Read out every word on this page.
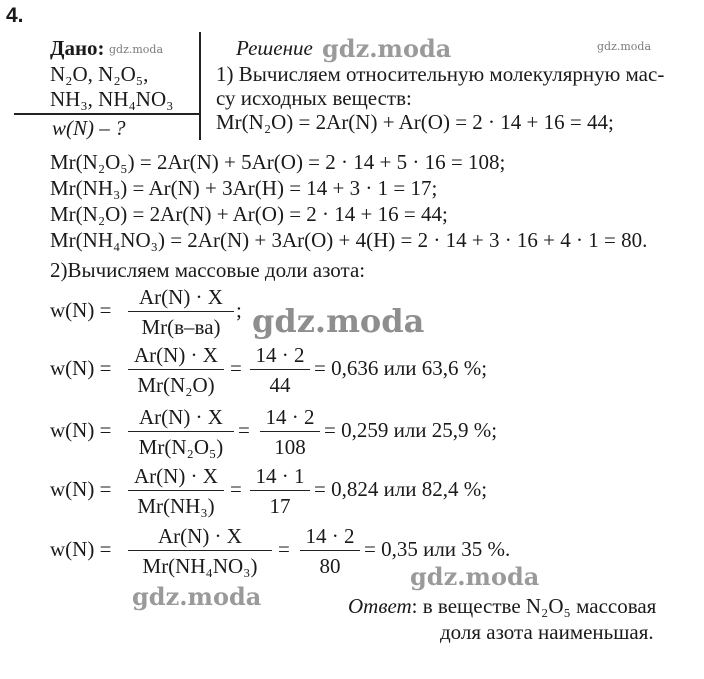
4.
Дано:
N₂O, N₂O₅,
NH₃, NH₄NO₃
w(N) – ?
Решение
1) Вычисляем относительную молекулярную мас-
су исходных веществ:
Mr(N₂O) = 2Ar(N) + Ar(O) = 2 · 14 + 16 = 44;
Mr(N₂O₅) = 2Ar(N) + 5Ar(O) = 2 · 14 + 5 · 16 = 108;
Mr(NH₃) = Ar(N) + 3Ar(H) = 14 + 3 · 1 = 17;
Mr(N₂O) = 2Ar(N) + Ar(O) = 2 · 14 + 16 = 44;
Mr(NH₄NO₃) = 2Ar(N) + 3Ar(O) + 4(H) = 2 · 14 + 3 · 16 + 4 · 1 = 80.
2)Вычисляем массовые доли азота:
w(N) =
Ar(N) · X
Mr(в–ва)
;
$w(N) = \frac{Ar(N) \cdot X}{\text{Mr(N₂O)}} = \frac{14 \cdot 2}{44} = 0,636$ или 63,6 %;
$w(N) = \frac{Ar(N) \cdot X}{\text{Mr(N₂O₅)}} = \frac{14 \cdot 2}{108} = 0,259$ или 25,9 %;
$w(N) = \frac{Ar(N) \cdot X}{\text{Mr(NH₃)}} = \frac{14 \cdot 1}{17} = 0,824$ или 82,4 %;
$w(N) = \frac{Ar(N) \cdot X}{\text{Mr(NH₄NO₃)}} = \frac{14 \cdot 2}{80} = 0,35$ или 35 %.
Ответ: в веществе N₂O₅ массовая
доля азота наименьшая.
gdz.moda	gdz.moda	gdz.moda
gdz.moda
gdz.moda
gdz.moda
